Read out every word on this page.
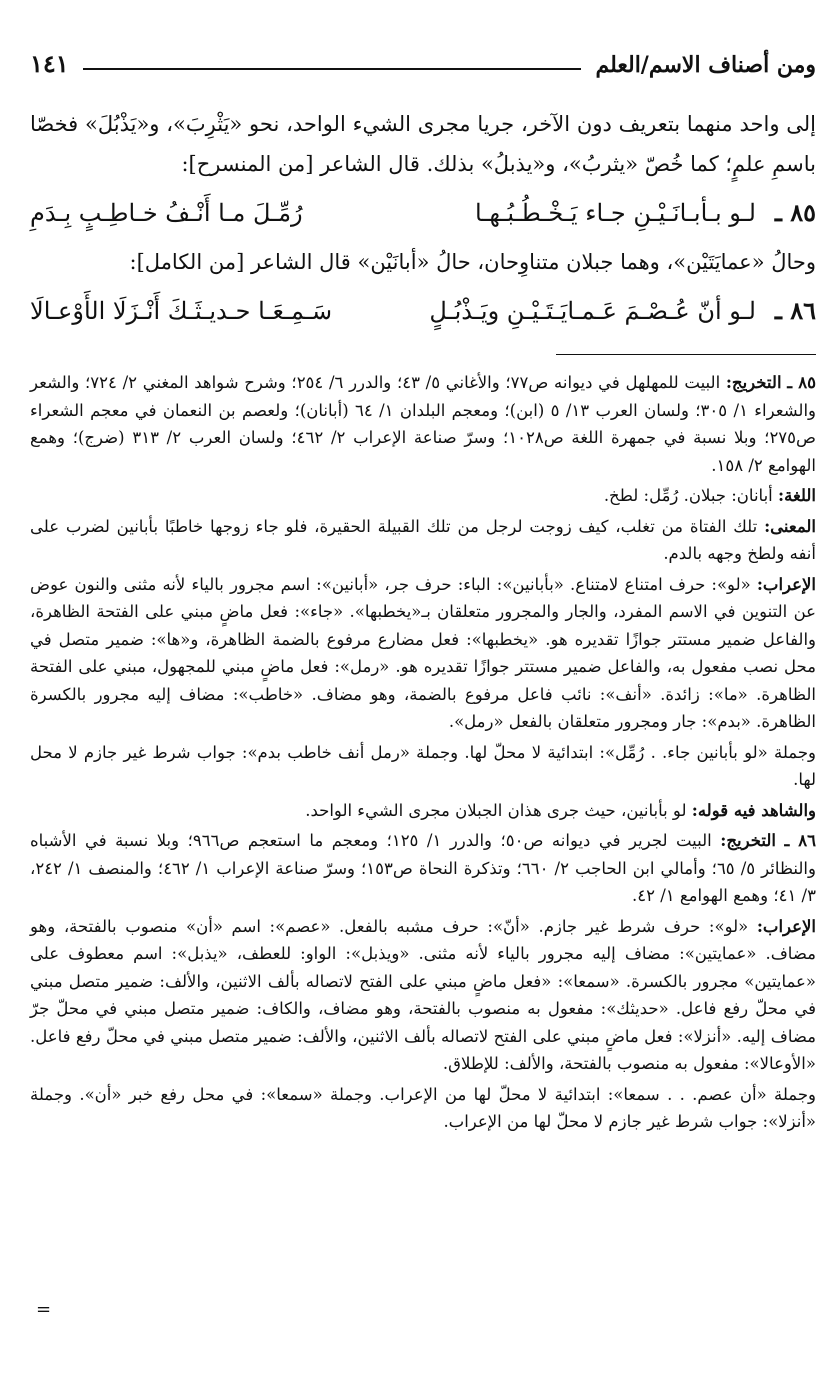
ومن أصناف الاسم/العلم
١٤١

إلى واحد منهما بتعريف دون الآخر، جريا مجرى الشيء الواحد، نحو «يَثْرِبَ»، و«يَذْبُلَ» فخصّا باسمِ علمٍ؛ كما خُصّ «يثربُ»، و«يذبلُ» بذلك. قال الشاعر [من المنسرح]:

٨٥ ـ
لـو بـأبـانَـيْـنِ جـاء يَـخْـطُـبُـهـا
رُمِّـلَ مـا أَنْـفُ خـاطِـبٍ بِـدَمِ

وحالُ «عمايَتَيْن»، وهما جبلان متناوِحان، حالُ «أبانَيْن» قال الشاعر [من الكامل]:

٨٦ ـ
لـو أنّ عُـصْـمَ عَـمـايَـتَـيْـنِ ويَـذْبُـلٍ
سَـمِـعَـا حـديـثَـكَ أَنْـزَلَا الأَوْعـالَا

٨٥ ـ التخريج: البيت للمهلهل في ديوانه ص٧٧؛ والأغاني ٥/ ٤٣؛ والدرر ٦/ ٢٥٤؛ وشرح شواهد المغني ٢/ ٧٢٤؛ والشعر والشعراء ١/ ٣٠٥؛ ولسان العرب ١٣/ ٥ (ابن)؛ ومعجم البلدان ١/ ٦٤ (أبانان)؛ ولعصم بن النعمان في معجم الشعراء ص٢٧٥؛ وبلا نسبة في جمهرة اللغة ص١٠٢٨؛ وسرّ صناعة الإعراب ٢/ ٤٦٢؛ ولسان العرب ٢/ ٣١٣ (ضرج)؛ وهمع الهوامع ٢/ ١٥٨.

اللغة: أبانان: جبلان. رُمِّل: لطخ.

المعنى: تلك الفتاة من تغلب، كيف زوجت لرجل من تلك القبيلة الحقيرة، فلو جاء زوجها خاطبًا بأبانين لضرب على أنفه ولطخ وجهه بالدم.

الإعراب: «لو»: حرف امتناع لامتناع. «بأبانين»: الباء: حرف جر، «أبانين»: اسم مجرور بالياء لأنه مثنى والنون عوض عن التنوين في الاسم المفرد، والجار والمجرور متعلقان بـ«يخطبها». «جاء»: فعل ماضٍ مبني على الفتحة الظاهرة، والفاعل ضمير مستتر جوازًا تقديره هو. «يخطبها»: فعل مضارع مرفوع بالضمة الظاهرة، و«ها»: ضمير متصل في محل نصب مفعول به، والفاعل ضمير مستتر جوازًا تقديره هو. «رمل»: فعل ماضٍ مبني للمجهول، مبني على الفتحة الظاهرة. «ما»: زائدة. «أنف»: نائب فاعل مرفوع بالضمة، وهو مضاف. «خاطب»: مضاف إليه مجرور بالكسرة الظاهرة. «بدم»: جار ومجرور متعلقان بالفعل «رمل».

وجملة «لو بأبانين جاء. . رُمِّل»: ابتدائية لا محلّ لها. وجملة «رمل أنف خاطب بدم»: جواب شرط غير جازم لا محل لها.

والشاهد فيه قوله: لو بأبانين، حيث جرى هذان الجبلان مجرى الشيء الواحد.

٨٦ ـ التخريج: البيت لجرير في ديوانه ص٥٠؛ والدرر ١/ ١٢٥؛ ومعجم ما استعجم ص٩٦٦؛ وبلا نسبة في الأشباه والنظائر ٥/ ٦٥؛ وأمالي ابن الحاجب ٢/ ٦٦٠؛ وتذكرة النحاة ص١٥٣؛ وسرّ صناعة الإعراب ١/ ٤٦٢؛ والمنصف ١/ ٢٤٢، ٣/ ٤١؛ وهمع الهوامع ١/ ٤٢.

الإعراب: «لو»: حرف شرط غير جازم. «أنّ»: حرف مشبه بالفعل. «عصم»: اسم «أن» منصوب بالفتحة، وهو مضاف. «عمايتين»: مضاف إليه مجرور بالياء لأنه مثنى. «ويذبل»: الواو: للعطف، «يذبل»: اسم معطوف على «عمايتين» مجرور بالكسرة. «سمعا»: «فعل ماضٍ مبني على الفتح لاتصاله بألف الاثنين، والألف: ضمير متصل مبني في محلّ رفع فاعل. «حديثك»: مفعول به منصوب بالفتحة، وهو مضاف، والكاف: ضمير متصل مبني في محلّ جرّ مضاف إليه. «أنزلا»: فعل ماضٍ مبني على الفتح لاتصاله بألف الاثنين، والألف: ضمير متصل مبني في محلّ رفع فاعل. «الأوعالا»: مفعول به منصوب بالفتحة، والألف: للإطلاق.

وجملة «أن عصم. . . سمعا»: ابتدائية لا محلّ لها من الإعراب. وجملة «سمعا»: في محل رفع خبر «أن». وجملة «أنزلا»: جواب شرط غير جازم لا محلّ لها من الإعراب.

=
